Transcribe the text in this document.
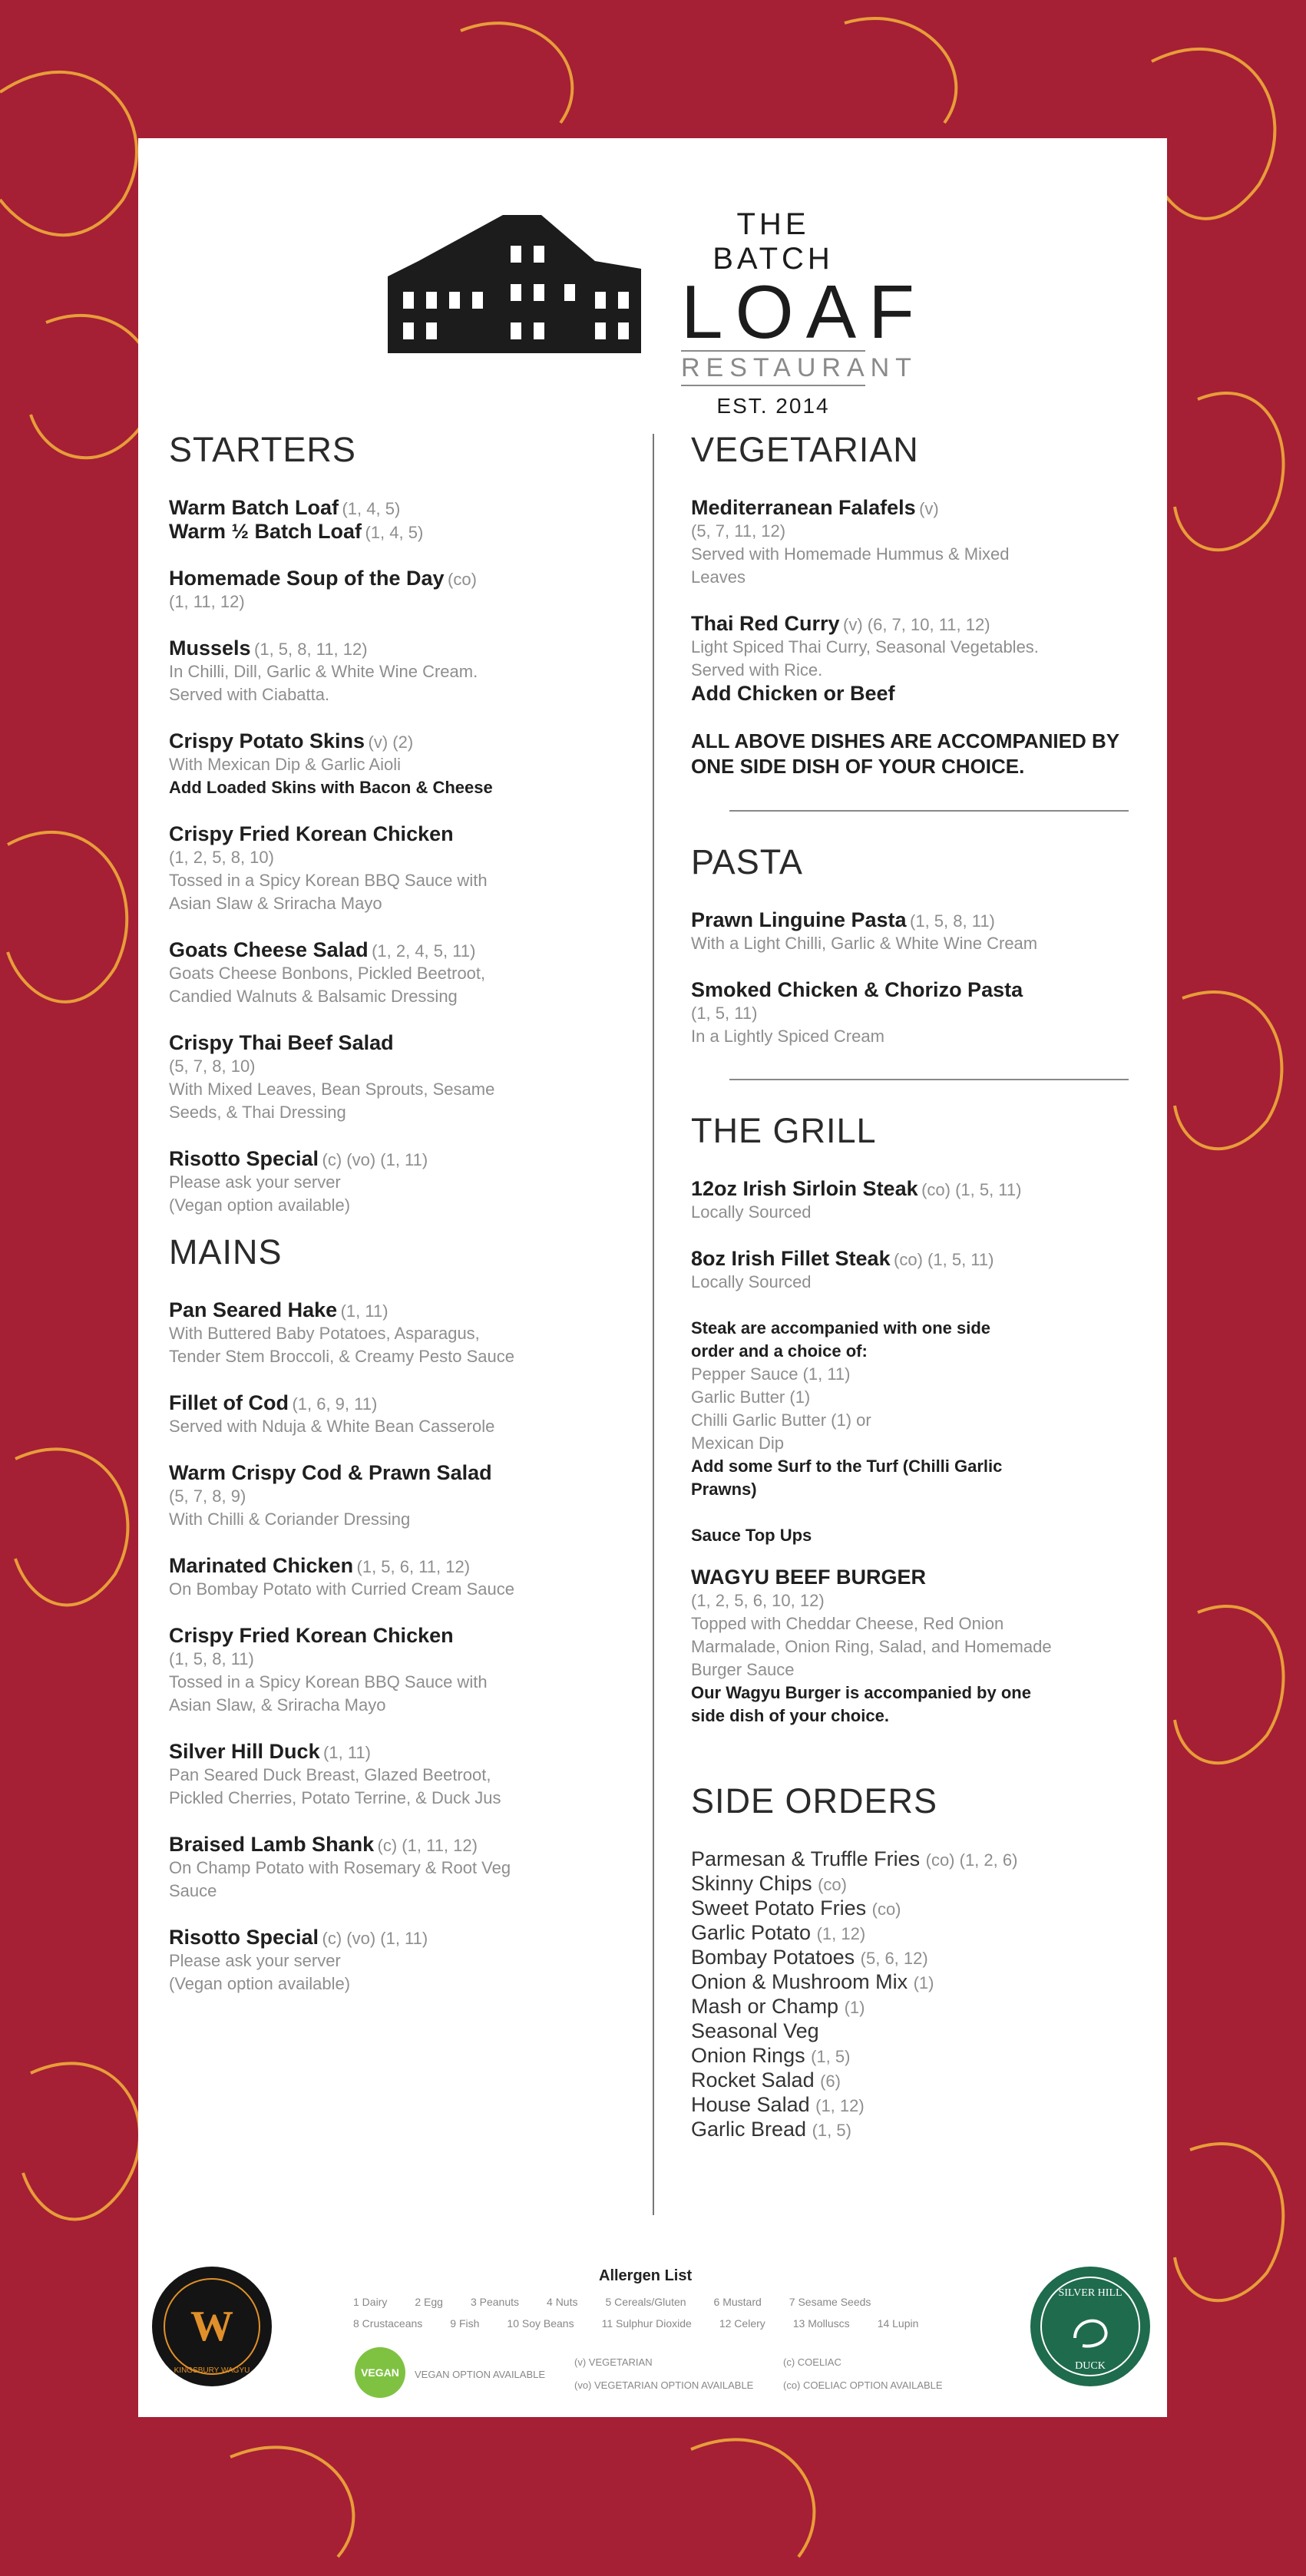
THE BATCH
LOAF
RESTAURANT
EST. 2014
STARTERS
Warm Batch Loaf (1, 4, 5)
Warm ½ Batch Loaf (1, 4, 5)
Homemade Soup of the Day (co)
(1, 11, 12)
Mussels (1, 5, 8, 11, 12)
In Chilli, Dill, Garlic & White Wine Cream. Served with Ciabatta.
Crispy Potato Skins (v) (2)
With Mexican Dip & Garlic Aioli
Add Loaded Skins with Bacon & Cheese
Crispy Fried Korean Chicken
(1, 2, 5, 8, 10)
Tossed in a Spicy Korean BBQ Sauce with Asian Slaw & Sriracha Mayo
Goats Cheese Salad (1, 2, 4, 5, 11)
Goats Cheese Bonbons, Pickled Beetroot, Candied Walnuts & Balsamic Dressing
Crispy Thai Beef Salad
(5, 7, 8, 10)
With Mixed Leaves, Bean Sprouts, Sesame Seeds, & Thai Dressing
Risotto Special (c) (vo) (1, 11)
Please ask your server
(Vegan option available)
MAINS
Pan Seared Hake (1, 11)
With Buttered Baby Potatoes, Asparagus, Tender Stem Broccoli, & Creamy Pesto Sauce
Fillet of Cod (1, 6, 9, 11)
Served with Nduja & White Bean Casserole
Warm Crispy Cod & Prawn Salad
(5, 7, 8, 9)
With Chilli & Coriander Dressing
Marinated Chicken (1, 5, 6, 11, 12)
On Bombay Potato with Curried Cream Sauce
Crispy Fried Korean Chicken
(1, 5, 8, 11)
Tossed in a Spicy Korean BBQ Sauce with Asian Slaw, & Sriracha Mayo
Silver Hill Duck (1, 11)
Pan Seared Duck Breast, Glazed Beetroot, Pickled Cherries, Potato Terrine, & Duck Jus
Braised Lamb Shank (c) (1, 11, 12)
On Champ Potato with Rosemary & Root Veg Sauce
Risotto Special (c) (vo) (1, 11)
Please ask your server
(Vegan option available)
VEGETARIAN
Mediterranean Falafels (v)
(5, 7, 11, 12)
Served with Homemade Hummus & Mixed Leaves
Thai Red Curry (v) (6, 7, 10, 11, 12)
Light Spiced Thai Curry, Seasonal Vegetables. Served with Rice.
Add Chicken or Beef
ALL ABOVE DISHES ARE ACCOMPANIED BY ONE SIDE DISH OF YOUR CHOICE.
PASTA
Prawn Linguine Pasta (1, 5, 8, 11)
With a Light Chilli, Garlic & White Wine Cream
Smoked Chicken & Chorizo Pasta
(1, 5, 11)
In a Lightly Spiced Cream
THE GRILL
12oz Irish Sirloin Steak (co) (1, 5, 11)
Locally Sourced
8oz Irish Fillet Steak (co) (1, 5, 11)
Locally Sourced
Steak are accompanied with one side order and a choice of:
Pepper Sauce (1, 11)
Garlic Butter (1)
Chilli Garlic Butter (1) or
Mexican Dip
Add some Surf to the Turf (Chilli Garlic Prawns)
Sauce Top Ups
WAGYU BEEF BURGER
(1, 2, 5, 6, 10, 12)
Topped with Cheddar Cheese, Red Onion Marmalade, Onion Ring, Salad, and Homemade Burger Sauce
Our Wagyu Burger is accompanied by one side dish of your choice.
SIDE ORDERS
Parmesan & Truffle Fries (co) (1, 2, 6)
Skinny Chips (co)
Sweet Potato Fries (co)
Garlic Potato (1, 12)
Bombay Potatoes (5, 6, 12)
Onion & Mushroom Mix (1)
Mash or Champ (1)
Seasonal Veg
Onion Rings (1, 5)
Rocket Salad (6)
House Salad (1, 12)
Garlic Bread (1, 5)
W
KINGSBURY WAGYU
SILVER HILL
DUCK
Allergen List
1 Dairy	2 Egg	3 Peanuts	4 Nuts	5 Cereals/Gluten	6 Mustard	7 Sesame Seeds
8 Crustaceans	9 Fish	10 Soy Beans	11 Sulphur Dioxide	12 Celery	13 Molluscs	14 Lupin
VEGAN VEGAN OPTION AVAILABLE
(v) VEGETARIAN
(vo) VEGETARIAN OPTION AVAILABLE
(c) COELIAC
(co) COELIAC OPTION AVAILABLE
